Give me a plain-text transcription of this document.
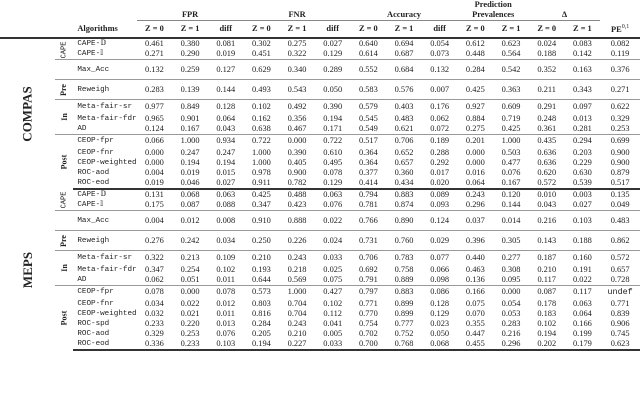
			FPR			FNR			Accuracy			Prediction Prevalences		Δ		
		Algorithms	Z = 0	Z = 1	diff	Z = 0	Z = 1	diff	Z = 0	Z = 1	diff	Z = 0	Z = 1	Z = 0	Z = 1	PE$^{0,1}$
COMPAS	CAPE	CAPE-𝔻	0.461	0.380	0.081	0.302	0.275	0.027	0.640	0.694	0.054	0.612	0.623	0.024	0.083	0.082
		CAPE-𝕀	0.271	0.290	0.019	0.451	0.322	0.129	0.614	0.687	0.073	0.448	0.564	0.188	0.142	0.119
		Max_Acc	0.132	0.259	0.127	0.629	0.340	0.289	0.552	0.684	0.132	0.284	0.542	0.352	0.163	0.376
	Pre	Reweigh	0.283	0.139	0.144	0.493	0.543	0.050	0.583	0.576	0.007	0.425	0.363	0.211	0.343	0.271
	In	Meta-fair-sr	0.977	0.849	0.128	0.102	0.492	0.390	0.579	0.403	0.176	0.927	0.609	0.291	0.097	0.622
		Meta-fair-fdr	0.965	0.901	0.064	0.162	0.356	0.194	0.545	0.483	0.062	0.884	0.719	0.248	0.013	0.329
		AD	0.124	0.167	0.043	0.638	0.467	0.171	0.549	0.621	0.072	0.275	0.425	0.361	0.281	0.253
	Post	CEOP-fpr	0.066	1.000	0.934	0.722	0.000	0.722	0.517	0.706	0.189	0.201	1.000	0.435	0.294	0.699
		CEOP-fnr	0.000	0.247	0.247	1.000	0.390	0.610	0.364	0.652	0.288	0.000	0.503	0.636	0.203	0.900
		CEOP-weighted	0.000	0.194	0.194	1.000	0.405	0.495	0.364	0.657	0.292	0.000	0.477	0.636	0.229	0.900
		ROC-aod	0.004	0.019	0.015	0.978	0.900	0.078	0.377	0.360	0.017	0.016	0.076	0.620	0.630	0.879
		ROC-eod	0.019	0.046	0.027	0.911	0.782	0.129	0.414	0.434	0.020	0.064	0.167	0.572	0.539	0.517
MEPS	CAPE	CAPE-𝔻	0.131	0.068	0.063	0.425	0.488	0.063	0.794	0.883	0.089	0.243	0.120	0.010	0.003	0.135
		CAPE-𝕀	0.175	0.087	0.088	0.347	0.423	0.076	0.781	0.874	0.093	0.296	0.144	0.043	0.027	0.049
		Max_Acc	0.004	0.012	0.008	0.910	0.888	0.022	0.766	0.890	0.124	0.037	0.014	0.216	0.103	0.483
	Pre	Reweigh	0.276	0.242	0.034	0.250	0.226	0.024	0.731	0.760	0.029	0.396	0.305	0.143	0.188	0.862
	In	Meta-fair-sr	0.322	0.213	0.109	0.210	0.243	0.033	0.706	0.783	0.077	0.440	0.277	0.187	0.160	0.572
		Meta-fair-fdr	0.347	0.254	0.102	0.193	0.218	0.025	0.692	0.758	0.066	0.463	0.308	0.210	0.191	0.657
		AD	0.062	0.051	0.011	0.644	0.569	0.075	0.791	0.889	0.098	0.136	0.095	0.117	0.022	0.728
	Post	CEOP-fpr	0.078	0.000	0.078	0.573	1.000	0.427	0.797	0.883	0.086	0.166	0.000	0.087	0.117	undef
		CEOP-fnr	0.034	0.022	0.012	0.803	0.704	0.102	0.771	0.899	0.128	0.075	0.054	0.178	0.063	0.771
		CEOP-weighted	0.032	0.021	0.011	0.816	0.704	0.112	0.770	0.899	0.129	0.070	0.053	0.183	0.064	0.839
		ROC-spd	0.233	0.220	0.013	0.284	0.243	0.041	0.754	0.777	0.023	0.355	0.283	0.102	0.166	0.906
		ROC-aod	0.329	0.253	0.076	0.205	0.210	0.005	0.702	0.752	0.050	0.447	0.216	0.194	0.199	0.745
		ROC-eod	0.336	0.233	0.103	0.194	0.227	0.033	0.700	0.768	0.068	0.455	0.296	0.202	0.179	0.623
